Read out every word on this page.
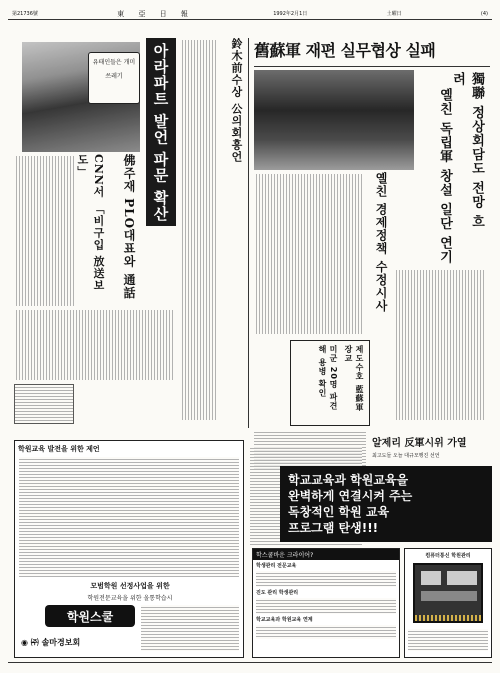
第21736號	東 亞 日 報	1992年2月1日	土曜日	(4)
유태인들은 개미 쓰레기	아라파트 발언 파문 확산
佛주재 PLO대표와 通話
CNN서 「비구입 放送보도」
鈴木前수상 公의회흥언 舊蘇軍 재편 실무협상 실패
獨聯 정상회담도 전망 흐려
옐친 독립軍 창설 일단 연기
옐친 경제정책 수정시사
제도수호 藍蘇軍 장교
미군 20명 파견 해 용병 확인
알제리 反軍시위 가열
최고도들 오늘 대규모행진 선언
학원교육 발전을 위한 제언
모범학원 선정사업을 위한
학원전문교육을 위한 올통학습시
학원스쿨
◉ ㈜ 솔마경보회
학교교육과 학원교육을
완벽하게 연결시켜 주는
독창적인 학원 교육
프로그램 탄생!!!
학스쿨바운 크라이어?
학생관리 전문교육
진도 관리 학생관리
학교교육과 학원교육 연계
컴퓨터통신 학원관리
